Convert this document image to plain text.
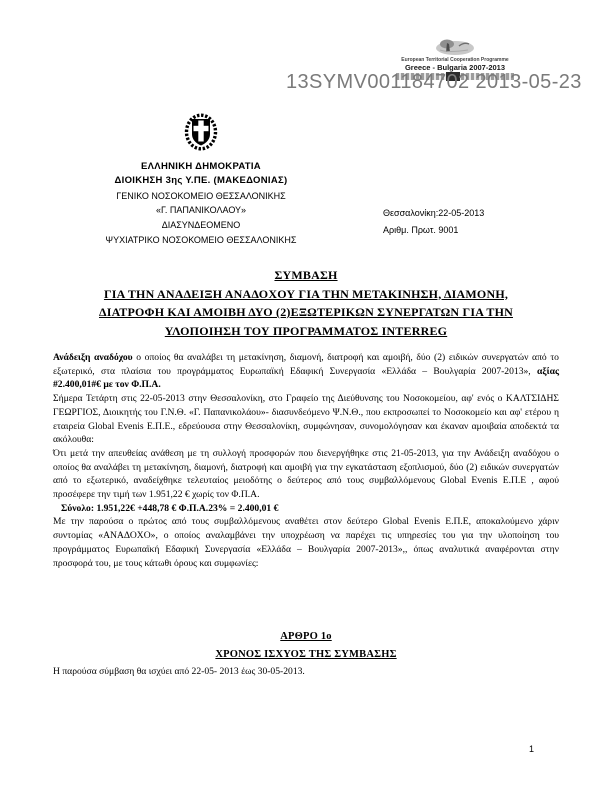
European Territorial Cooperation Programme
Greece - Bulgaria 2007-2013
13SYMV001184702 2013-05-23
ΕΛΛΗΝΙΚΗ ΔΗΜΟΚΡΑΤΙΑ
ΔΙΟΙΚΗΣΗ 3ης Υ.ΠΕ. (ΜΑΚΕΔΟΝΙΑΣ)
ΓΕΝΙΚΟ ΝΟΣΟΚΟΜΕΙΟ ΘΕΣΣΑΛΟΝΙΚΗΣ
«Γ. ΠΑΠΑΝΙΚΟΛΑΟΥ»
ΔΙΑΣΥΝΔΕΟΜΕΝΟ
ΨΥΧΙΑΤΡΙΚΟ ΝΟΣΟΚΟΜΕΙΟ ΘΕΣΣΑΛΟΝΙΚΗΣ
Θεσσαλονίκη:22-05-2013
Αριθμ. Πρωτ. 9001
ΣΥΜΒΑΣΗ
ΓΙΑ ΤΗΝ ΑΝΑΔΕΙΞΗ ΑΝΑΔΟΧΟΥ ΓΙΑ ΤΗΝ ΜΕΤΑΚΙΝΗΣΗ, ΔΙΑΜΟΝΗ,
ΔΙΑΤΡΟΦΗ ΚΑΙ ΑΜΟΙΒΗ ΔΥΟ (2)ΕΞΩΤΕΡΙΚΩΝ ΣΥΝΕΡΓΑΤΩΝ ΓΙΑ ΤΗΝ
ΥΛΟΠΟΙΗΣΗ ΤΟΥ ΠΡΟΓΡΑΜΜΑΤΟΣ INTERREG

Ανάδειξη αναδόχου ο οποίος θα αναλάβει τη μετακίνηση, διαμονή, διατροφή και αμοιβή, δύο (2) ειδικών συνεργατών από το εξωτερικό, στα πλαίσια του προγράμματος Ευρωπαϊκή Εδαφική Συνεργασία «Ελλάδα – Βουλγαρία 2007-2013», αξίας #2.400,01#€ με τον Φ.Π.Α.

Σήμερα Τετάρτη στις 22-05-2013 στην Θεσσαλονίκη, στο Γραφείο της Διεύθυνσης του Νοσοκομείου, αφ' ενός ο ΚΑΛΤΣΙΔΗΣ ΓΕΩΡΓΙΟΣ, Διοικητής του Γ.Ν.Θ. «Γ. Παπανικολάου»- διασυνδεόμενο Ψ.Ν.Θ., που εκπροσωπεί το Νοσοκομείο και αφ' ετέρου η εταιρεία Global Evenis Ε.Π.Ε., εδρεύουσα στην Θεσσαλονίκη, συμφώνησαν, συνομολόγησαν και έκαναν αμοιβαία αποδεκτά τα ακόλουθα:

Ότι μετά την απευθείας ανάθεση με τη συλλογή προσφορών που διενεργήθηκε στις 21-05-2013, για την Ανάδειξη αναδόχου ο οποίος θα αναλάβει τη μετακίνηση, διαμονή, διατροφή και αμοιβή για την εγκατάσταση εξοπλισμού, δύο (2) ειδικών συνεργατών από το εξωτερικό, αναδείχθηκε τελευταίος μειοδότης ο δεύτερος από τους συμβαλλόμενους Global Evenis Ε.Π.Ε , αφού προσέφερε την τιμή των 1.951,22 € χωρίς τον Φ.Π.Α.

Σύνολο: 1.951,22€ +448,78 € Φ.Π.Α.23% = 2.400,01 €

Με την παρούσα ο πρώτος από τους συμβαλλόμενους αναθέτει στον δεύτερο Global Evenis Ε.Π.Ε, αποκαλούμενο χάριν συντομίας «ΑΝΑΔΟΧΟ», ο οποίος αναλαμβάνει την υποχρέωση να παρέχει τις υπηρεσίες του για την υλοποίηση του προγράμματος Ευρωπαϊκή Εδαφική Συνεργασία «Ελλάδα – Βουλγαρία 2007-2013»,, όπως αναλυτικά αναφέρονται στην προσφορά του, με τους κάτωθι όρους και συμφωνίες:

ΑΡΘΡΟ 1ο
ΧΡΟΝΟΣ ΙΣΧΥΟΣ ΤΗΣ ΣΥΜΒΑΣΗΣ
Η παρούσα σύμβαση θα ισχύει από 22-05- 2013 έως 30-05-2013.
1
